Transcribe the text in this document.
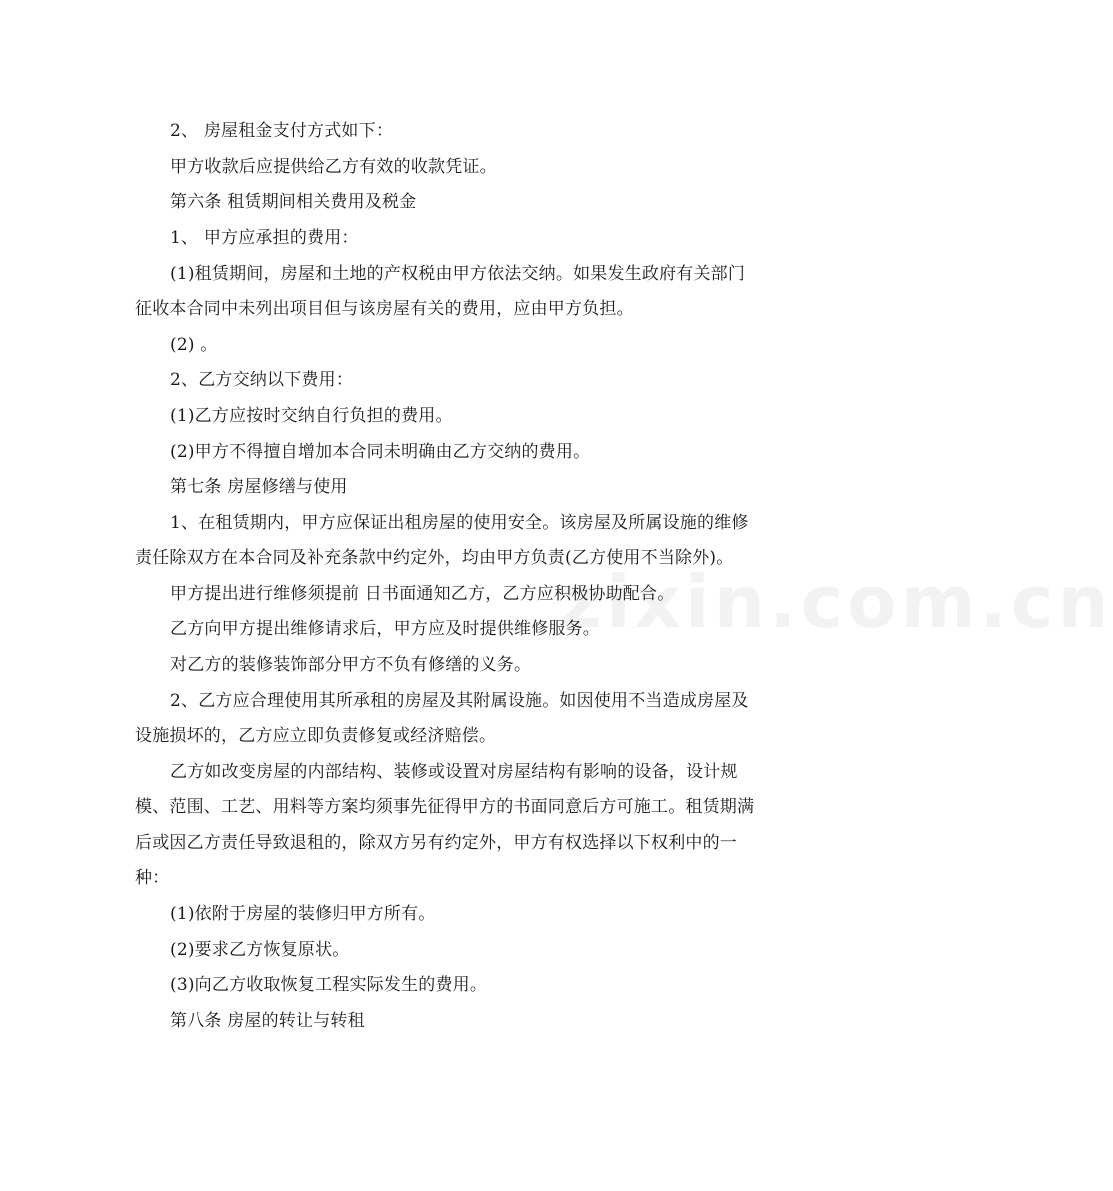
zixin.com.cn
2、 房屋租金支付方式如下：
甲方收款后应提供给乙方有效的收款凭证。
第六条 租赁期间相关费用及税金
1、 甲方应承担的费用：
(1)租赁期间，房屋和土地的产权税由甲方依法交纳。如果发生政府有关部门
征收本合同中未列出项目但与该房屋有关的费用，应由甲方负担。
(2) 。
2、乙方交纳以下费用：
(1)乙方应按时交纳自行负担的费用。
(2)甲方不得擅自增加本合同未明确由乙方交纳的费用。
第七条 房屋修缮与使用
1、在租赁期内，甲方应保证出租房屋的使用安全。该房屋及所属设施的维修
责任除双方在本合同及补充条款中约定外，均由甲方负责(乙方使用不当除外)。
甲方提出进行维修须提前 日书面通知乙方，乙方应积极协助配合。
乙方向甲方提出维修请求后，甲方应及时提供维修服务。
对乙方的装修装饰部分甲方不负有修缮的义务。
2、乙方应合理使用其所承租的房屋及其附属设施。如因使用不当造成房屋及
设施损坏的，乙方应立即负责修复或经济赔偿。
乙方如改变房屋的内部结构、装修或设置对房屋结构有影响的设备，设计规
模、范围、工艺、用料等方案均须事先征得甲方的书面同意后方可施工。租赁期满
后或因乙方责任导致退租的，除双方另有约定外，甲方有权选择以下权利中的一
种：
(1)依附于房屋的装修归甲方所有。
(2)要求乙方恢复原状。
(3)向乙方收取恢复工程实际发生的费用。
第八条 房屋的转让与转租
